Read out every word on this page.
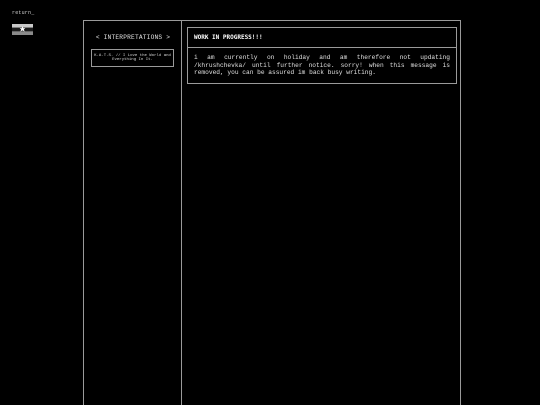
return_
< INTERPRETATIONS >
K.A.T.S. // I Love the World and Everything In It.
WORK IN PROGRESS!!!
i am currently on holiday and am therefore not updating /khrushchevka/ until further notice. sorry! when this message is removed, you can be assured im back busy writing.
